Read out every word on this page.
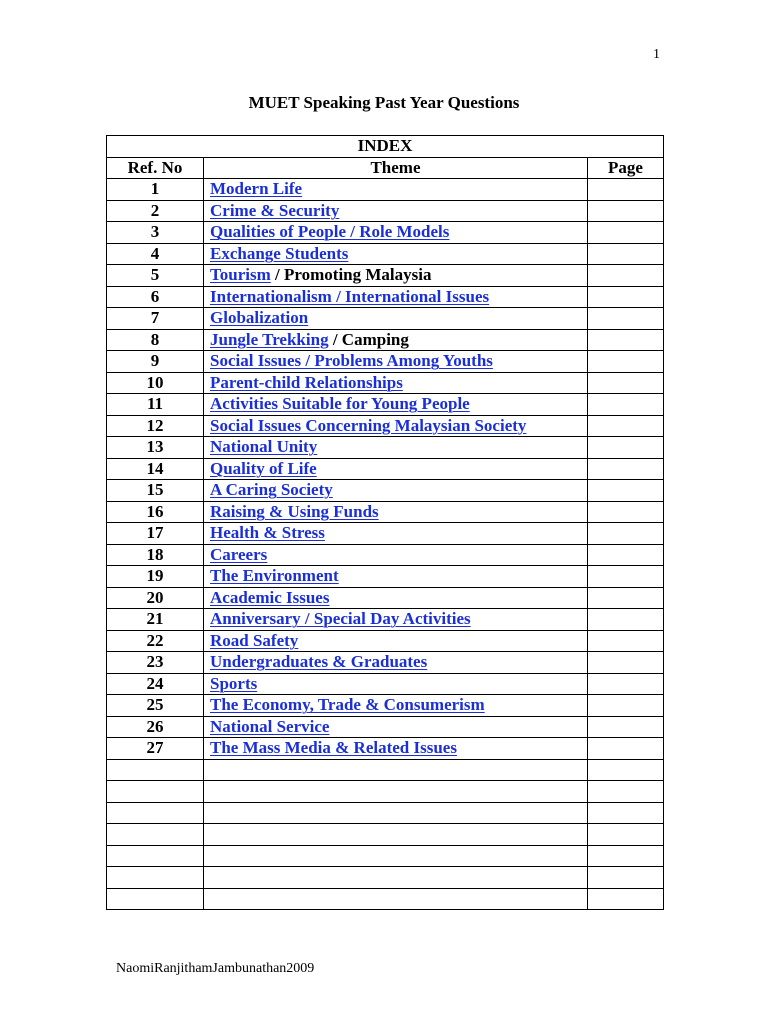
1
MUET Speaking Past Year Questions
INDEX		
Ref. No	Theme	Page
1	Modern Life	
2	Crime & Security	
3	Qualities of People / Role Models	
4	Exchange Students	
5	Tourism / Promoting Malaysia	
6	Internationalism / International Issues	
7	Globalization	
8	Jungle Trekking / Camping	
9	Social Issues / Problems Among Youths	
10	Parent-child Relationships	
11	Activities Suitable for Young People	
12	Social Issues Concerning Malaysian Society	
13	National Unity	
14	Quality of Life	
15	A Caring Society	
16	Raising & Using Funds	
17	Health & Stress	
18	Careers	
19	The Environment	
20	Academic Issues	
21	Anniversary / Special Day Activities	
22	Road Safety	
23	Undergraduates & Graduates	
24	Sports	
25	The Economy, Trade & Consumerism	
26	National Service	
27	The Mass Media & Related Issues	

NaomiRanjithamJambunathan2009
